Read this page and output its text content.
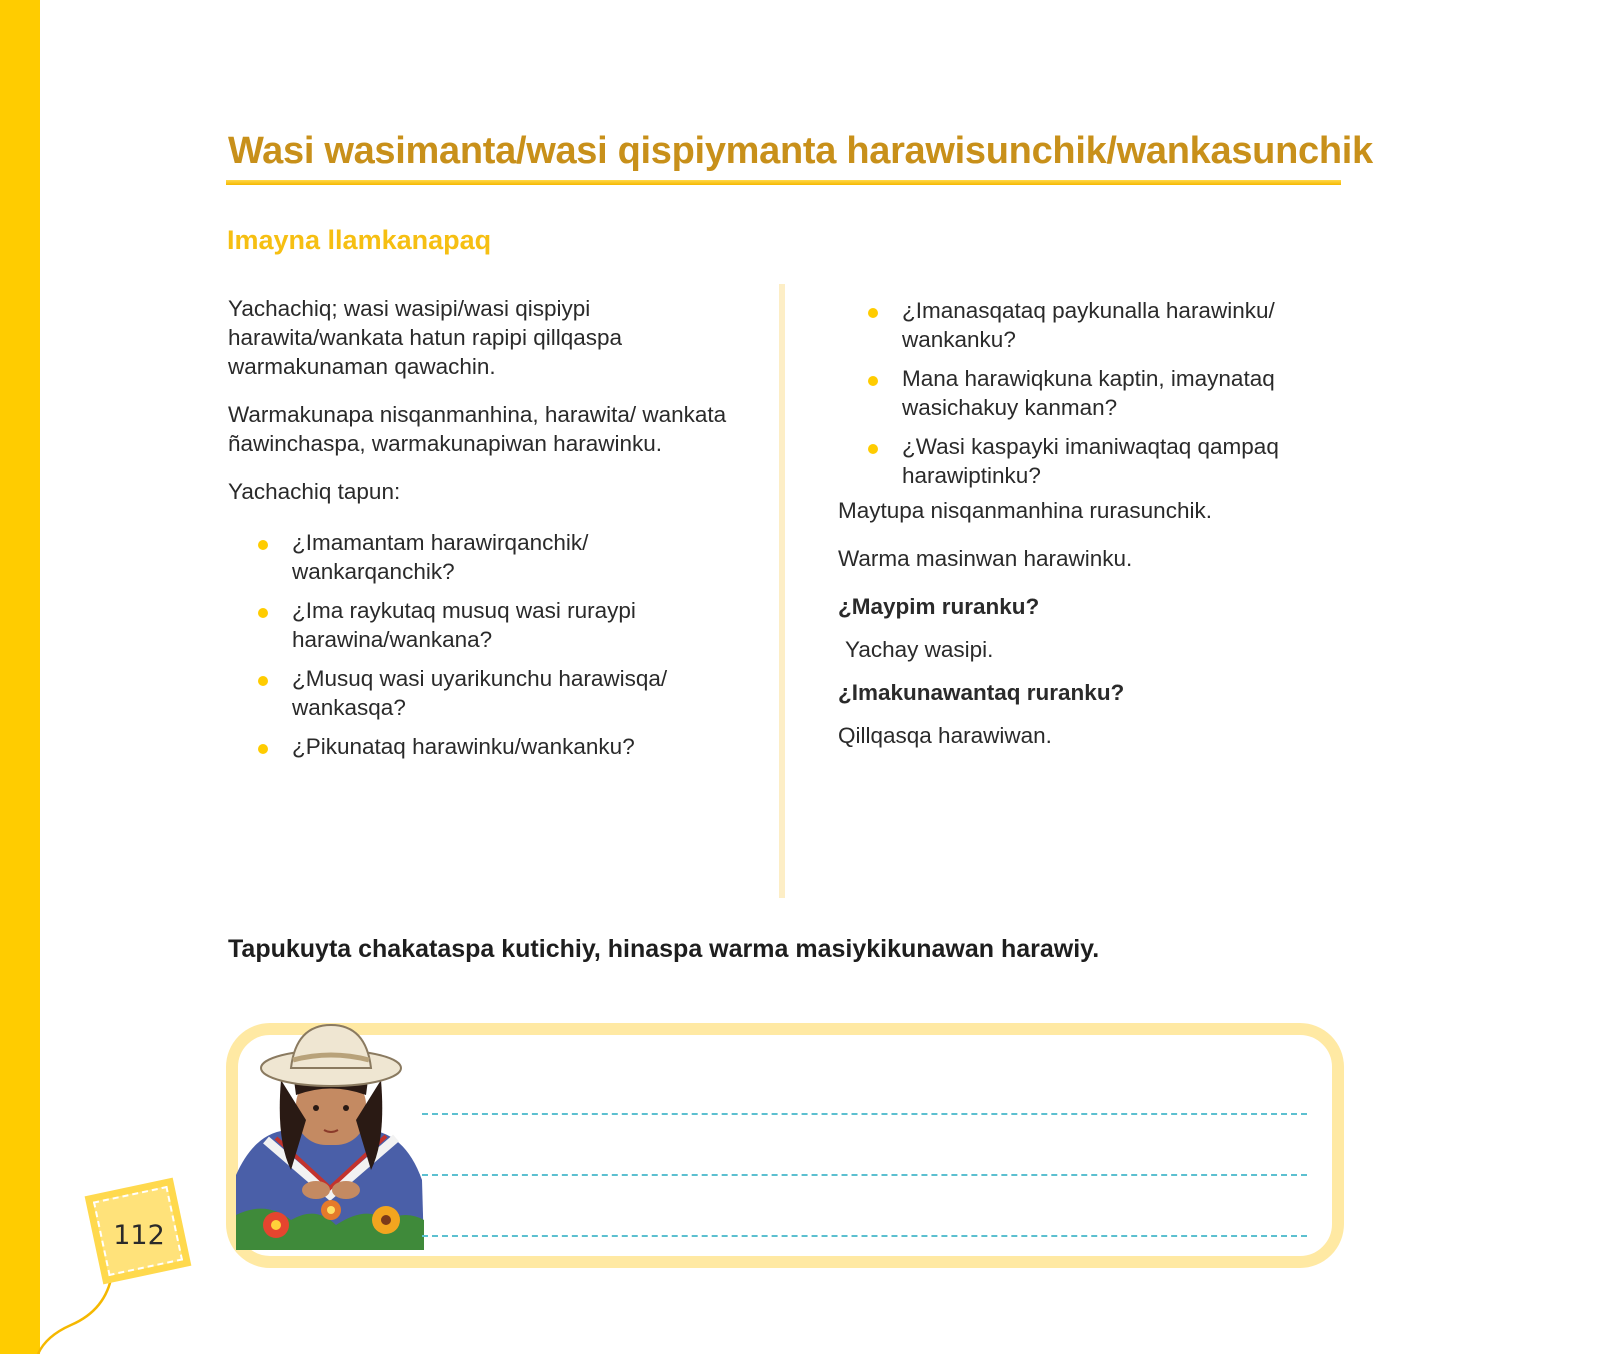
Wasi wasimanta/wasi qispiymanta harawisunchik/wankasunchik
Imayna llamkanapaq

Yachachiq; wasi wasipi/wasi qispiypi harawita/wankata hatun rapipi qillqaspa warmakunaman qawachin.

Warmakunapa nisqanmanhina, harawita/ wankata ñawinchaspa, warmakunapiwan harawinku.

Yachachiq tapun:

¿Imamantam harawirqanchik/ wankarqanchik?
¿Ima raykutaq musuq wasi ruraypi harawina/wankana?
¿Musuq wasi uyarikunchu harawisqa/ wankasqa?
¿Pikunataq harawinku/wankanku?
¿Imanasqataq paykunalla harawinku/ wankanku?
Mana harawiqkuna kaptin, imaynataq wasichakuy kanman?
¿Wasi kaspayki imaniwaqtaq qampaq harawiptinku?

Maytupa nisqanmanhina rurasunchik.

Warma masinwan harawinku.

¿Maypim ruranku?

Yachay wasipi.

¿Imakunawantaq ruranku?

Qillqasqa harawiwan.

Tapukuyta chakataspa kutichiy, hinaspa warma masiykikunawan harawiy.
112
